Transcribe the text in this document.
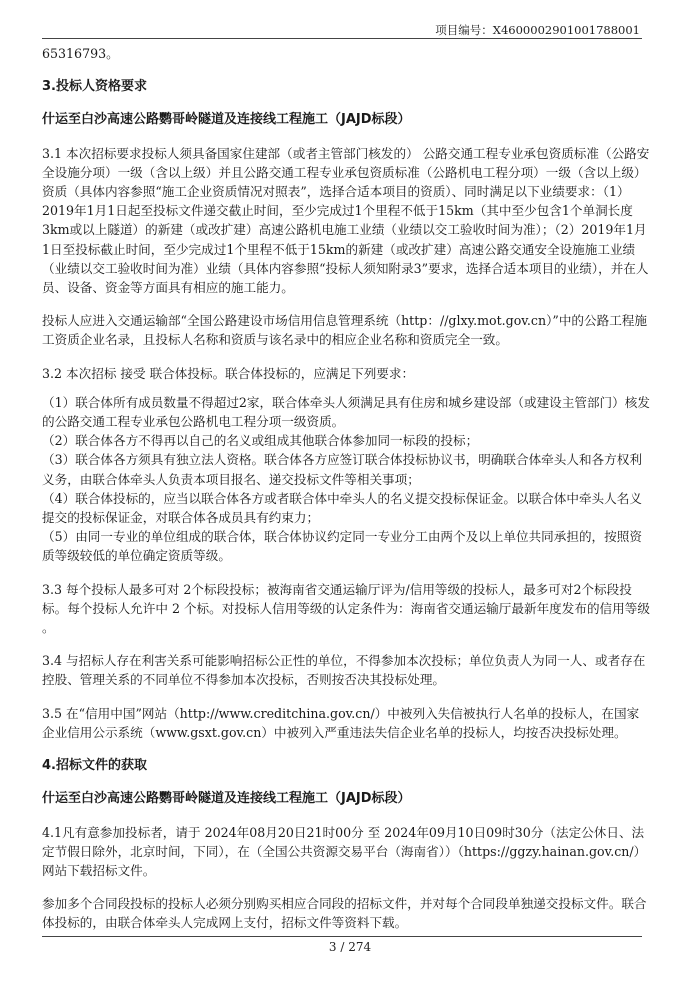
项目编号：X4600002901001788001

65316793。

3.投标人资格要求

什运至白沙高速公路鹦哥岭隧道及连接线工程施工（JAJD标段）

3.1 本次招标要求投标人须具备国家住建部（或者主管部门核发的） 公路交通工程专业承包资质标准（公路安全设施分项）一级（含以上级）并且公路交通工程专业承包资质标准（公路机电工程分项）一级（含以上级） 资质（具体内容参照“施工企业资质情况对照表”，选择合适本项目的资质）、同时满足以下业绩要求：（1）2019年1月1日起至投标文件递交截止时间，至少完成过1个里程不低于15km（其中至少包含1个单洞长度3km或以上隧道）的新建（或改扩建）高速公路机电施工业绩（业绩以交工验收时间为准）；（2）2019年1月1日至投标截止时间，至少完成过1个里程不低于15km的新建（或改扩建）高速公路交通安全设施施工业绩（业绩以交工验收时间为准）业绩（具体内容参照“投标人须知附录3”要求，选择合适本项目的业绩），并在人员、设备、资金等方面具有相应的施工能力。

投标人应进入交通运输部“全国公路建设市场信用信息管理系统（http：//glxy.mot.gov.cn）”中的公路工程施工资质企业名录，且投标人名称和资质与该名录中的相应企业名称和资质完全一致。

3.2 本次招标 接受 联合体投标。联合体投标的，应满足下列要求：

（1）联合体所有成员数量不得超过2家，联合体牵头人须满足具有住房和城乡建设部（或建设主管部门）核发的公路交通工程专业承包公路机电工程分项一级资质。

（2）联合体各方不得再以自己的名义或组成其他联合体参加同一标段的投标；

（3）联合体各方须具有独立法人资格。联合体各方应签订联合体投标协议书，明确联合体牵头人和各方权利义务，由联合体牵头人负责本项目报名、递交投标文件等相关事项；

（4）联合体投标的，应当以联合体各方或者联合体中牵头人的名义提交投标保证金。以联合体中牵头人名义提交的投标保证金，对联合体各成员具有约束力；

（5）由同一专业的单位组成的联合体，联合体协议约定同一专业分工由两个及以上单位共同承担的，按照资质等级较低的单位确定资质等级。

3.3 每个投标人最多可对 2个标段投标；被海南省交通运输厅评为/信用等级的投标人，最多可对2个标段投标。每个投标人允许中 2 个标。对投标人信用等级的认定条件为：海南省交通运输厅最新年度发布的信用等级 。

3.4 与招标人存在利害关系可能影响招标公正性的单位，不得参加本次投标；单位负责人为同一人、或者存在控股、管理关系的不同单位不得参加本次投标，否则按否决其投标处理。

3.5 在“信用中国”网站（http://www.creditchina.gov.cn/）中被列入失信被执行人名单的投标人，在国家企业信用公示系统（www.gsxt.gov.cn）中被列入严重违法失信企业名单的投标人，均按否决投标处理。

4.招标文件的获取

什运至白沙高速公路鹦哥岭隧道及连接线工程施工（JAJD标段）

4.1凡有意参加投标者，请于 2024年08月20日21时00分 至 2024年09月10日09时30分（法定公休日、法定节假日除外，北京时间，下同），在（全国公共资源交易平台（海南省））（https://ggzy.hainan.gov.cn/）网站下载招标文件。

参加多个合同段投标的投标人必须分别购买相应合同段的招标文件，并对每个合同段单独递交投标文件。联合体投标的，由联合体牵头人完成网上支付，招标文件等资料下载。

3 / 274
